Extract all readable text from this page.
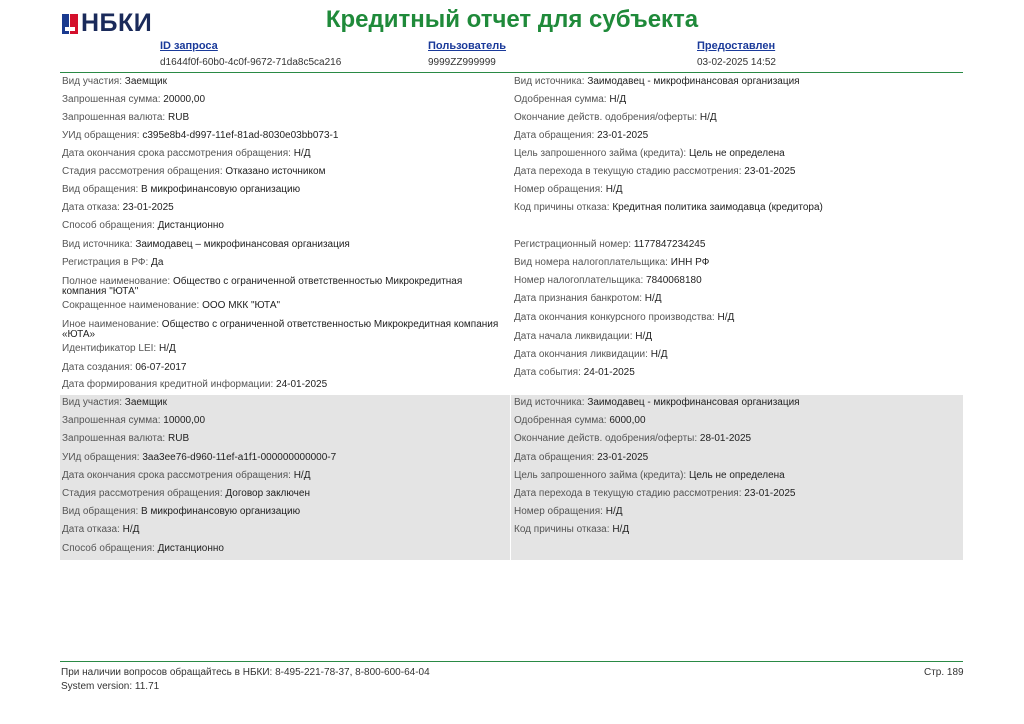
НБКИ	Кредитный отчет для субъекта
ID запроса
d1644f0f-60b0-4c0f-9672-71da8c5ca216
Пользователь
9999ZZ999999
Предоставлен
03-02-2025 14:52
Вид участия: Заемщик
Запрошенная сумма: 20000,00
Запрошенная валюта: RUB
УИд обращения: c395e8b4-d997-11ef-81ad-8030e03bb073-1
Дата окончания срока рассмотрения обращения: Н/Д
Стадия рассмотрения обращения: Отказано источником
Вид обращения: В микрофинансовую организацию
Дата отказа: 23-01-2025
Способ обращения: Дистанционно
Вид источника: Заимодавец – микрофинансовая организация
Регистрация в РФ: Да
Полное наименование: Общество с ограниченной ответственностью Микрокредитная компания "ЮТА"
Сокращенное наименование: ООО МКК "ЮТА"
Иное наименование: Общество с ограниченной ответственностью Микрокредитная компания «ЮТА»
Идентификатор LEI: Н/Д
Дата создания: 06-07-2017
Дата формирования кредитной информации: 24-01-2025
Вид источника: Заимодавец - микрофинансовая организация
Одобренная сумма: Н/Д
Окончание действ. одобрения/оферты: Н/Д
Дата обращения: 23-01-2025
Цель запрошенного займа (кредита): Цель не определена
Дата перехода в текущую стадию рассмотрения: 23-01-2025
Номер обращения: Н/Д
Код причины отказа: Кредитная политика заимодавца (кредитора)
Регистрационный номер: 1177847234245
Вид номера налогоплательщика: ИНН РФ
Номер налогоплательщика: 7840068180
Дата признания банкротом: Н/Д
Дата окончания конкурсного производства: Н/Д
Дата начала ликвидации: Н/Д
Дата окончания ликвидации: Н/Д
Дата события: 24-01-2025
Вид участия: Заемщик
Запрошенная сумма: 10000,00
Запрошенная валюта: RUB
УИд обращения: 3aa3ee76-d960-11ef-a1f1-000000000000-7
Дата окончания срока рассмотрения обращения: Н/Д
Стадия рассмотрения обращения: Договор заключен
Вид обращения: В микрофинансовую организацию
Дата отказа: Н/Д
Способ обращения: Дистанционно
Вид источника: Заимодавец - микрофинансовая организация
Одобренная сумма: 6000,00
Окончание действ. одобрения/оферты: 28-01-2025
Дата обращения: 23-01-2025
Цель запрошенного займа (кредита): Цель не определена
Дата перехода в текущую стадию рассмотрения: 23-01-2025
Номер обращения: Н/Д
Код причины отказа: Н/Д
При наличии вопросов обращайтесь в НБКИ: 8-495-221-78-37, 8-800-600-64-04
System version: 11.71
Стр. 189
